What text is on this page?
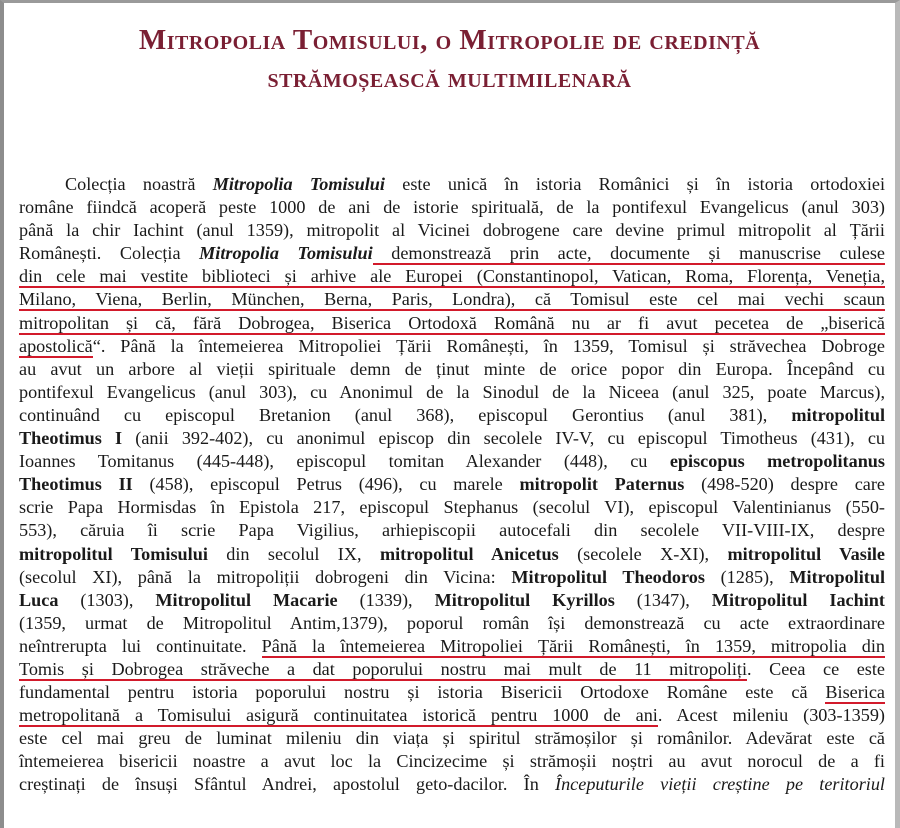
Mitropolia Tomisului, o Mitropolie de credință
strămoșească multimilenară
Colecția noastră Mitropolia Tomisului este unică în istoria Românici și în istoria ortodoxiei
române fiindcă acoperă peste 1000 de ani de istorie spirituală, de la pontifexul Evangelicus (anul 303)
până la chir Iachint (anul 1359), mitropolit al Vicinei dobrogene care devine primul mitropolit al Țării
Românești. Colecția Mitropolia Tomisului demonstrează prin acte, documente și manuscrise culese
din cele mai vestite biblioteci și arhive ale Europei (Constantinopol, Vatican, Roma, Florența, Veneția,
Milano, Viena, Berlin, München, Berna, Paris, Londra), că Tomisul este cel mai vechi scaun
mitropolitan și că, fără Dobrogea, Biserica Ortodoxă Română nu ar fi avut pecetea de „biserică
apostolică“. Până la întemeierea Mitropoliei Țării Românești, în 1359, Tomisul și străvechea Dobroge
au avut un arbore al vieții spirituale demn de ținut minte de orice popor din Europa. Începând cu
pontifexul Evangelicus (anul 303), cu Anonimul de la Sinodul de la Niceea (anul 325, poate Marcus),
continuând cu episcopul Bretanion (anul 368), episcopul Gerontius (anul 381), mitropolitul
Theotimus I (anii 392-402), cu anonimul episcop din secolele IV-V, cu episcopul Timotheus (431), cu
Ioannes Tomitanus (445-448), episcopul tomitan Alexander (448), cu episcopus metropolitanus
Theotimus II (458), episcopul Petrus (496), cu marele mitropolit Paternus (498-520) despre care
scrie Papa Hormisdas în Epistola 217, episcopul Stephanus (secolul VI), episcopul Valentinianus (550-
553), căruia îi scrie Papa Vigilius, arhiepiscopii autocefali din secolele VII-VIII-IX, despre
mitropolitul Tomisului din secolul IX, mitropolitul Anicetus (secolele X-XI), mitropolitul Vasile
(secolul XI), până la mitropoliții dobrogeni din Vicina: Mitropolitul Theodoros (1285), Mitropolitul
Luca (1303), Mitropolitul Macarie (1339), Mitropolitul Kyrillos (1347), Mitropolitul Iachint
(1359, urmat de Mitropolitul Antim,1379), poporul român își demonstrează cu acte extraordinare
neîntrerupta lui continuitate. Până la întemeierea Mitropoliei Țării Românești, în 1359, mitropolia din
Tomis și Dobrogea străveche a dat poporului nostru mai mult de 11 mitropoliți. Ceea ce este
fundamental pentru istoria poporului nostru și istoria Bisericii Ortodoxe Române este că Biserica
metropolitană a Tomisului asigură continuitatea istorică pentru 1000 de ani. Acest mileniu (303-1359)
este cel mai greu de luminat mileniu din viața și spiritul strămoșilor și românilor. Adevărat este că
întemeierea bisericii noastre a avut loc la Cincizecime și strămoșii noștri au avut norocul de a fi
creștinați de însuși Sfântul Andrei, apostolul geto-dacilor. În Începuturile vieții creștine pe teritoriul
